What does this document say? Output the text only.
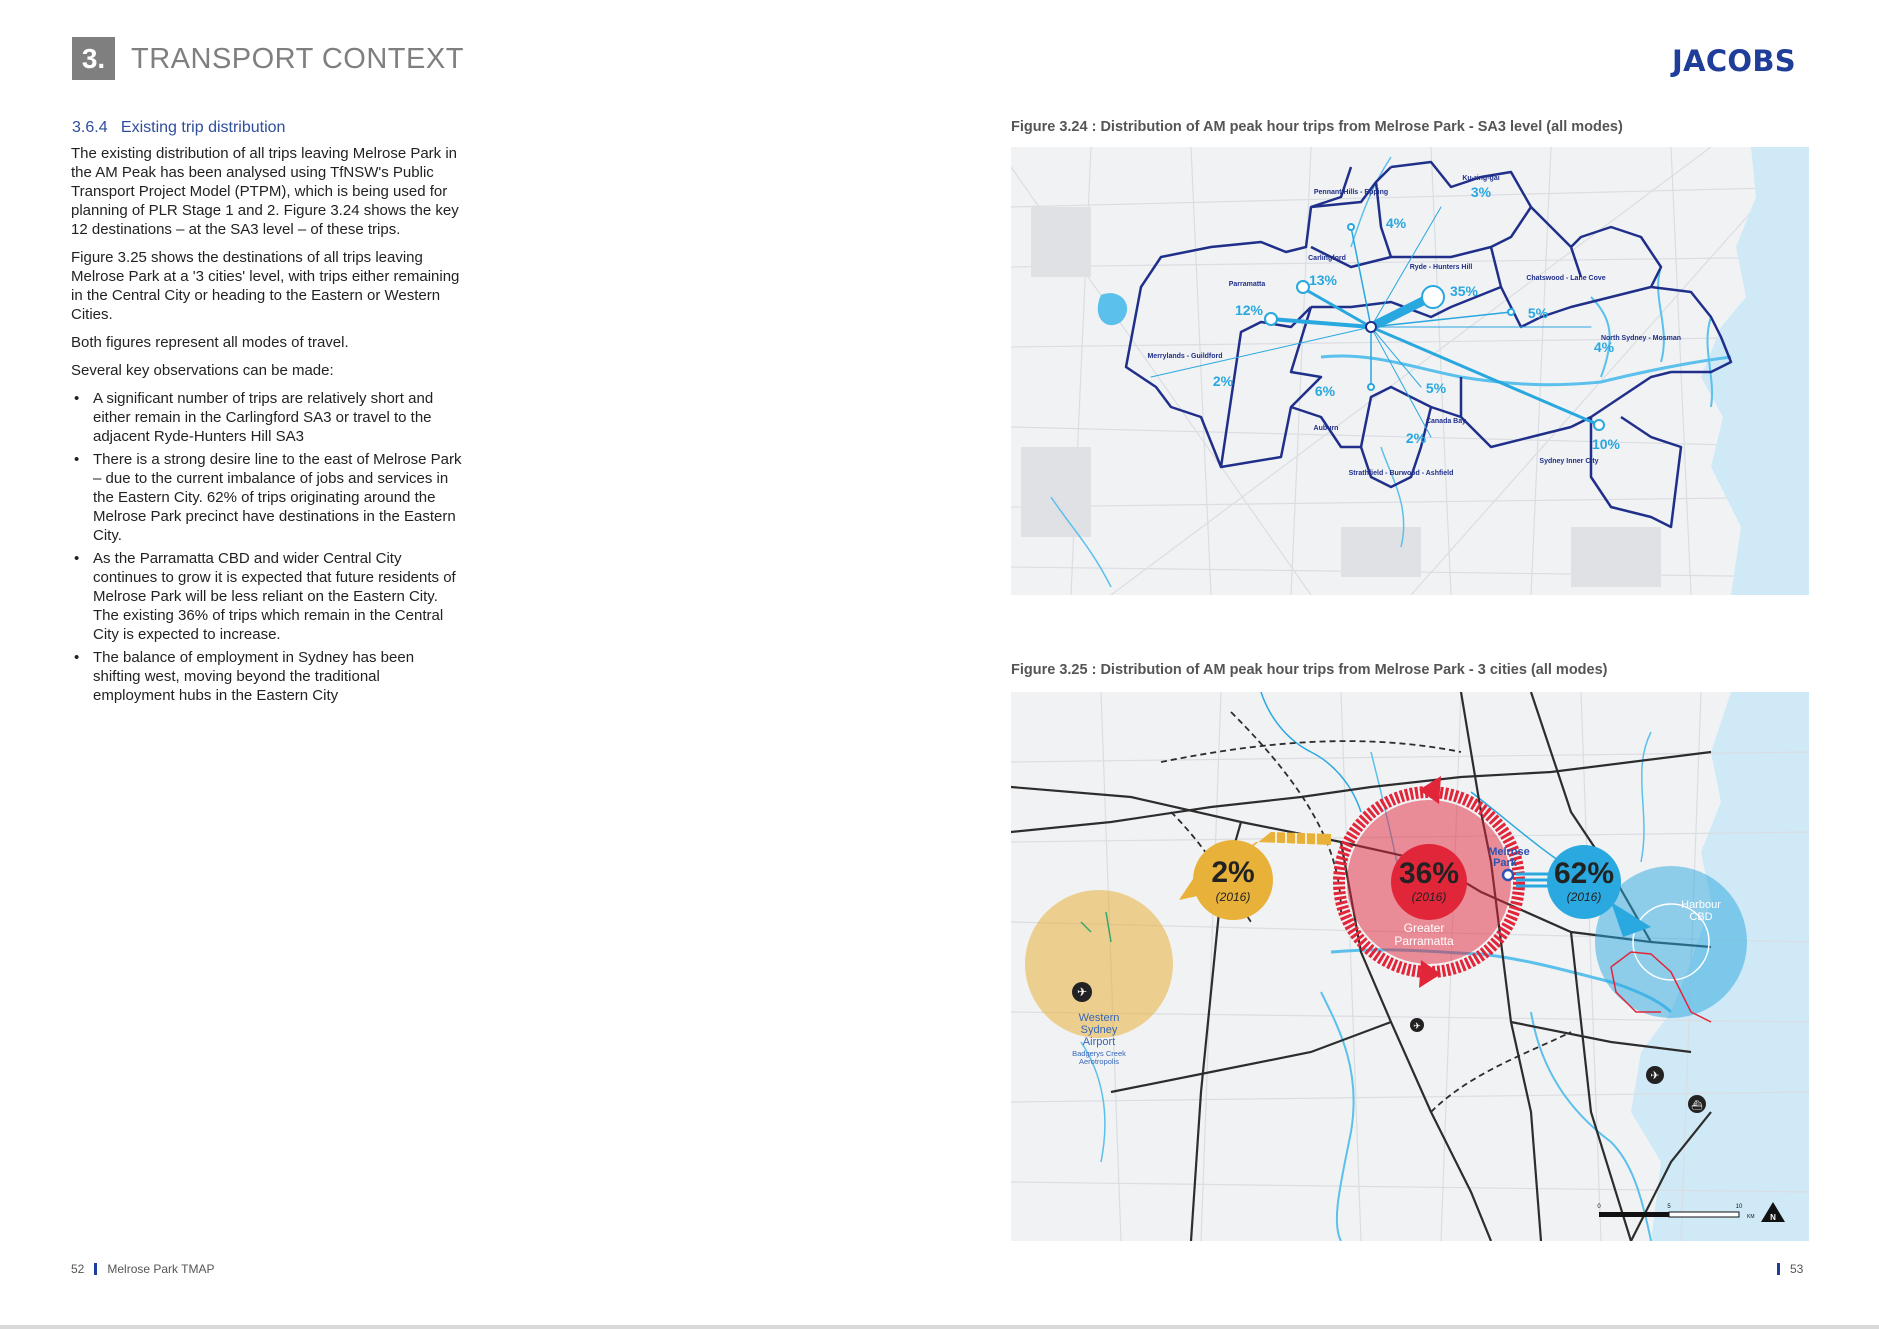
3. TRANSPORT CONTEXT	JACOBS
3.6.4   Existing trip distribution

The existing distribution of all trips leaving Melrose Park in the AM Peak has been analysed using TfNSW's Public Transport Project Model (PTPM), which is being used for planning of PLR Stage 1 and 2. Figure 3.24 shows the key 12 destinations – at the SA3 level – of these trips.

Figure 3.25 shows the destinations of all trips leaving Melrose Park at a '3 cities' level, with trips either remaining in the Central City or heading to the Eastern or Western Cities.

Both figures represent all modes of travel.

Several key observations can be made:

• A significant number of trips are relatively short and either remain in the Carlingford SA3 or travel to the adjacent Ryde-Hunters Hill SA3
• There is a strong desire line to the east of Melrose Park – due to the current imbalance of jobs and services in the Eastern City. 62% of trips originating around the Melrose Park precinct have destinations in the Eastern City.
• As the Parramatta CBD and wider Central City continues to grow it is expected that future residents of Melrose Park will be less reliant on the Eastern City. The existing 36% of trips which remain in the Central City is expected to increase.
• The balance of employment in Sydney has been shifting west, moving beyond the traditional employment hubs in the Eastern City
Figure 3.24 : Distribution of AM peak hour trips from Melrose Park - SA3 level (all modes)
Pennant Hills - Epping
Ku-ring-gai
Carlingford
Ryde - Hunters Hill
Chatswood - Lane Cove
Parramatta
North Sydney - Mosman
Merrylands - Guildford
Auburn
Canada Bay
Strathfield - Burwood - Ashfield
Sydney Inner City
3%
4%
13%
35%
12%	5%
4%
2%
6%	5%
2%	10%
Figure 3.25 : Distribution of AM peak hour trips from Melrose Park - 3 cities (all modes)
✈
Western
Sydney
Airport
Badgerys Creek
Aerotropolis
2%
(2016)
36%
(2016)
Greater
Parramatta
Melrose
Park 62%
(2016)
Harbour
CBD
✈
✈
⛴
0	5	10
KM N
52 Melrose Park TMAP	53
